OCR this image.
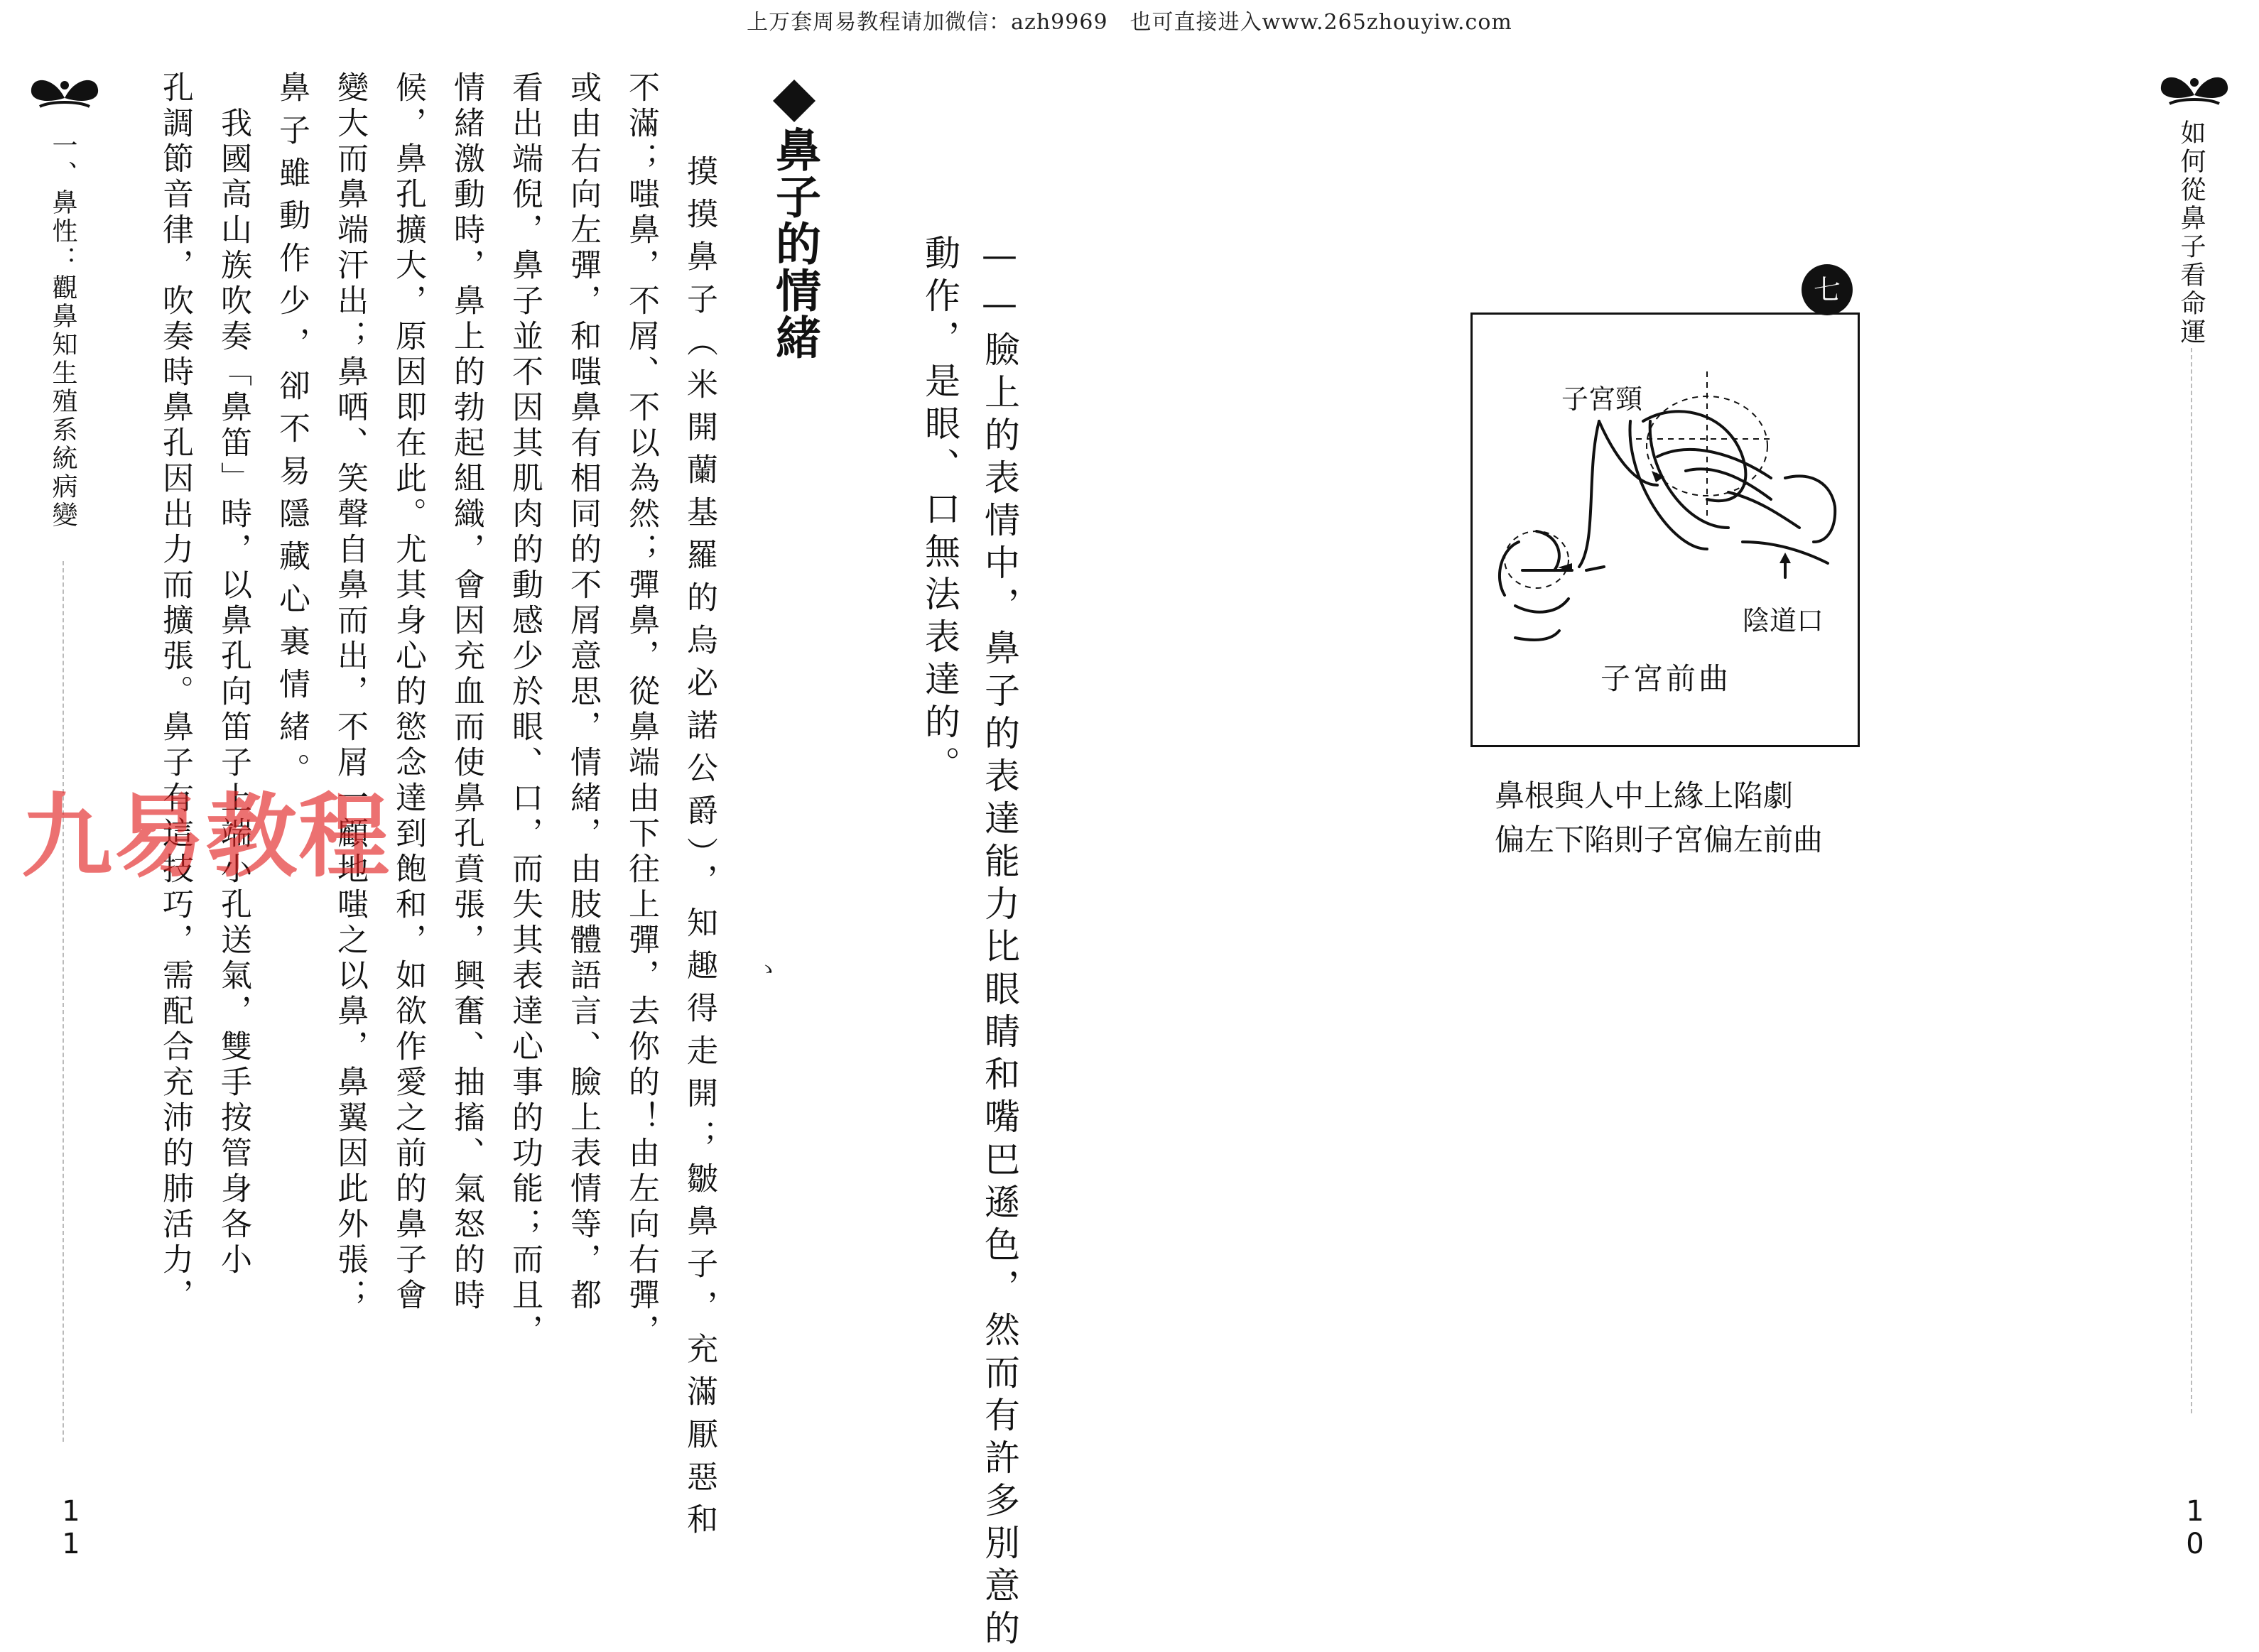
上万套周易教程请加微信：azh9969　也可直接进入www.265zhouyiw.com
一、鼻性：觀鼻知生殖系統病變
11	摸摸鼻子（米開蘭基羅的烏必諾公爵），知趣得走開；皺鼻子，充滿厭惡和
不滿；嗤鼻，不屑、不以為然；彈鼻，從鼻端由下往上彈，去你的！由左向右彈，
或由右向左彈，和嗤鼻有相同的不屑意思，情緒，由肢體語言、臉上表情等，都
看出端倪，鼻子並不因其肌肉的動感少於眼、口，而失其表達心事的功能；而且，
情緒激動時，鼻上的勃起組織，會因充血而使鼻孔賁張，興奮、抽搐、氣怒的時
候，鼻孔擴大，原因即在此。尤其身心的慾念達到飽和，如欲作愛之前的鼻子會
變大而鼻端汗出；鼻哂、笑聲自鼻而出，不屑一顧地嗤之以鼻，鼻翼因此外張；
鼻子雖動作少，卻不易隱藏心裏情緒。
　我國高山族吹奏「鼻笛」時，以鼻孔向笛子上端小孔送氣，雙手按管身各小
孔調節音律，吹奏時鼻孔因出力而擴張。鼻子有這技巧，需配合充沛的肺活力，	鼻子的情緒	——臉上的表情中，鼻子的表達能力比眼睛和嘴巴遜色，然而有許多別意的
動作，是眼、口無法表達的。	子宮頸
陰道口
子宮前曲
七
鼻根與人中上緣上陷劇
偏左下陷則子宮偏左前曲
如何從鼻子看命運
10
ゝ
九易教程
